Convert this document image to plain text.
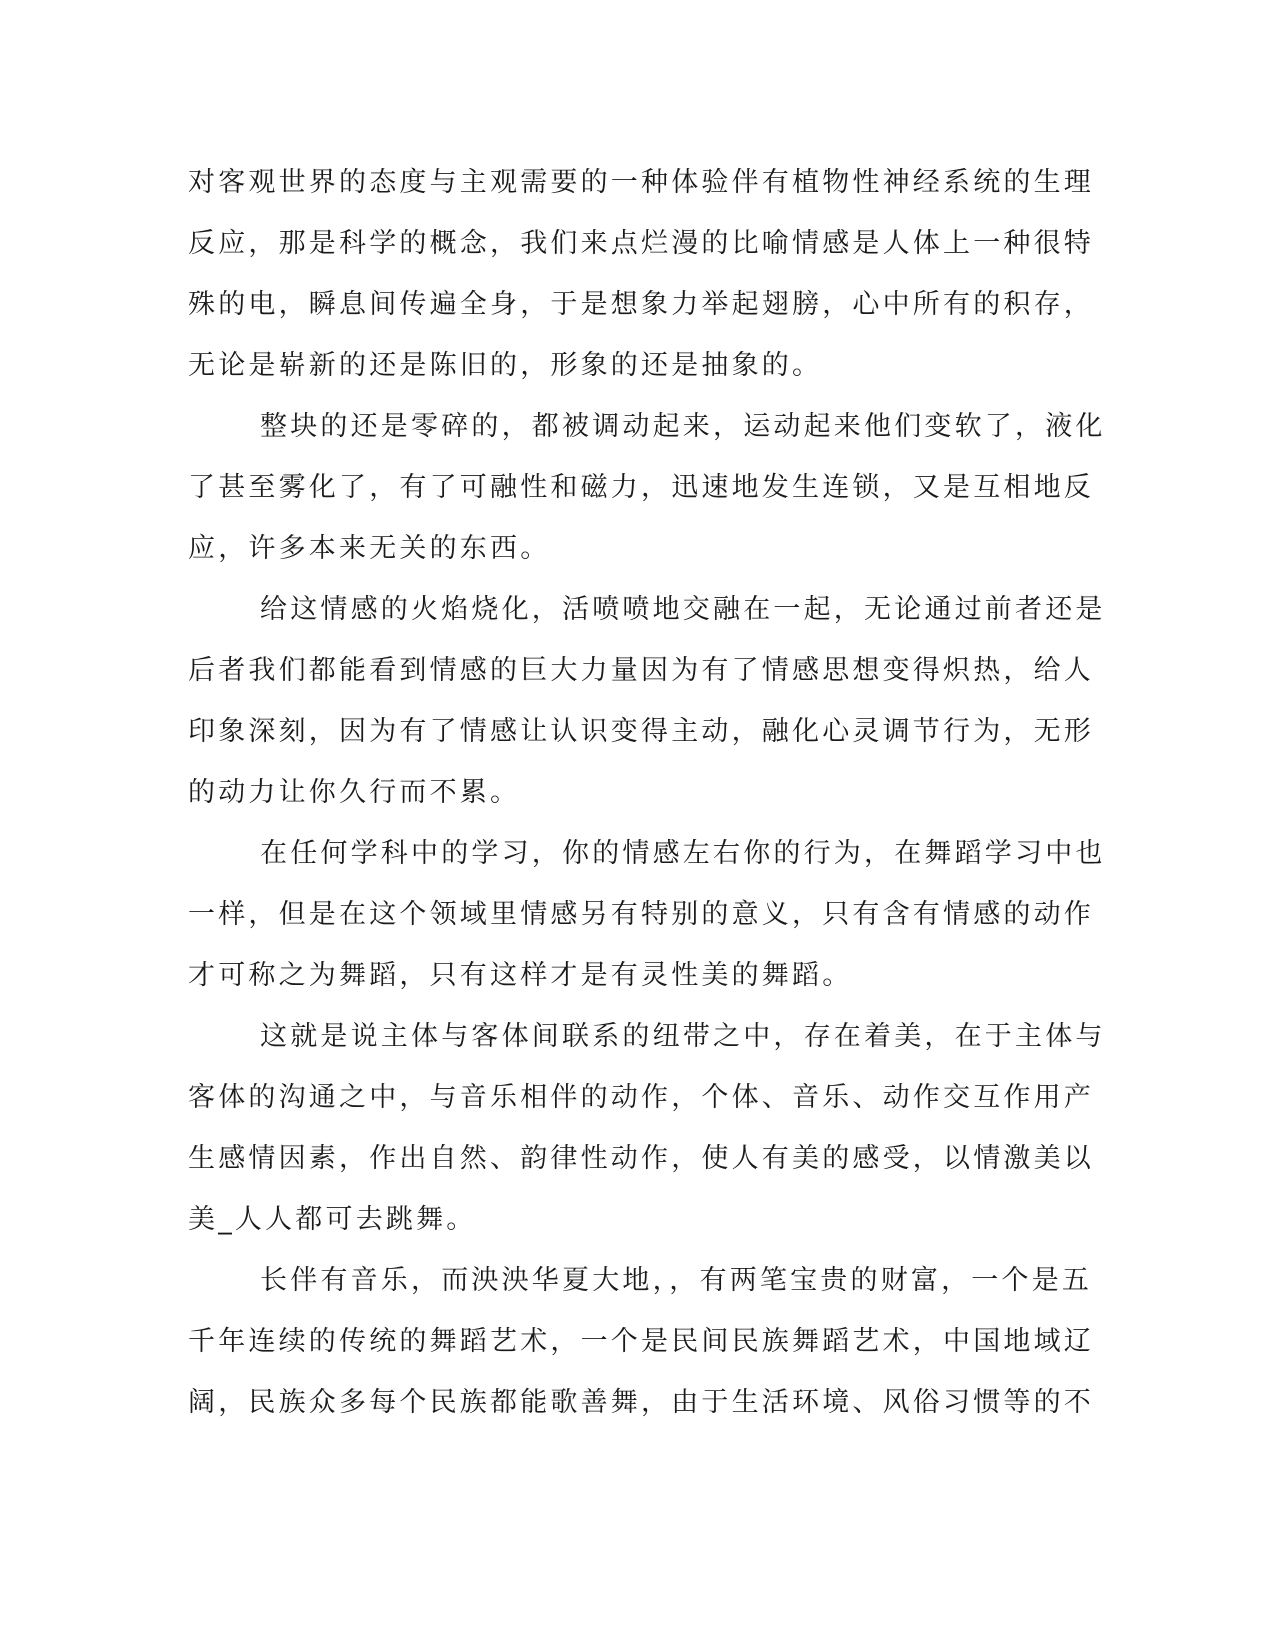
对客观世界的态度与主观需要的一种体验伴有植物性神经系统的生理
反应，那是科学的概念，我们来点烂漫的比喻情感是人体上一种很特
殊的电，瞬息间传遍全身，于是想象力举起翅膀，心中所有的积存，
无论是崭新的还是陈旧的，形象的还是抽象的。
整块的还是零碎的，都被调动起来，运动起来他们变软了，液化
了甚至雾化了，有了可融性和磁力，迅速地发生连锁，又是互相地反
应，许多本来无关的东西。
给这情感的火焰烧化，活喷喷地交融在一起，无论通过前者还是
后者我们都能看到情感的巨大力量因为有了情感思想变得炽热，给人
印象深刻，因为有了情感让认识变得主动，融化心灵调节行为，无形
的动力让你久行而不累。
在任何学科中的学习，你的情感左右你的行为，在舞蹈学习中也
一样，但是在这个领域里情感另有特别的意义，只有含有情感的动作
才可称之为舞蹈，只有这样才是有灵性美的舞蹈。
这就是说主体与客体间联系的纽带之中，存在着美，在于主体与
客体的沟通之中，与音乐相伴的动作，个体、音乐、动作交互作用产
生感情因素，作出自然、韵律性动作，使人有美的感受，以情激美以
美_人人都可去跳舞。
长伴有音乐，而泱泱华夏大地，，有两笔宝贵的财富，一个是五
千年连续的传统的舞蹈艺术，一个是民间民族舞蹈艺术，中国地域辽
阔，民族众多每个民族都能歌善舞，由于生活环境、风俗习惯等的不
